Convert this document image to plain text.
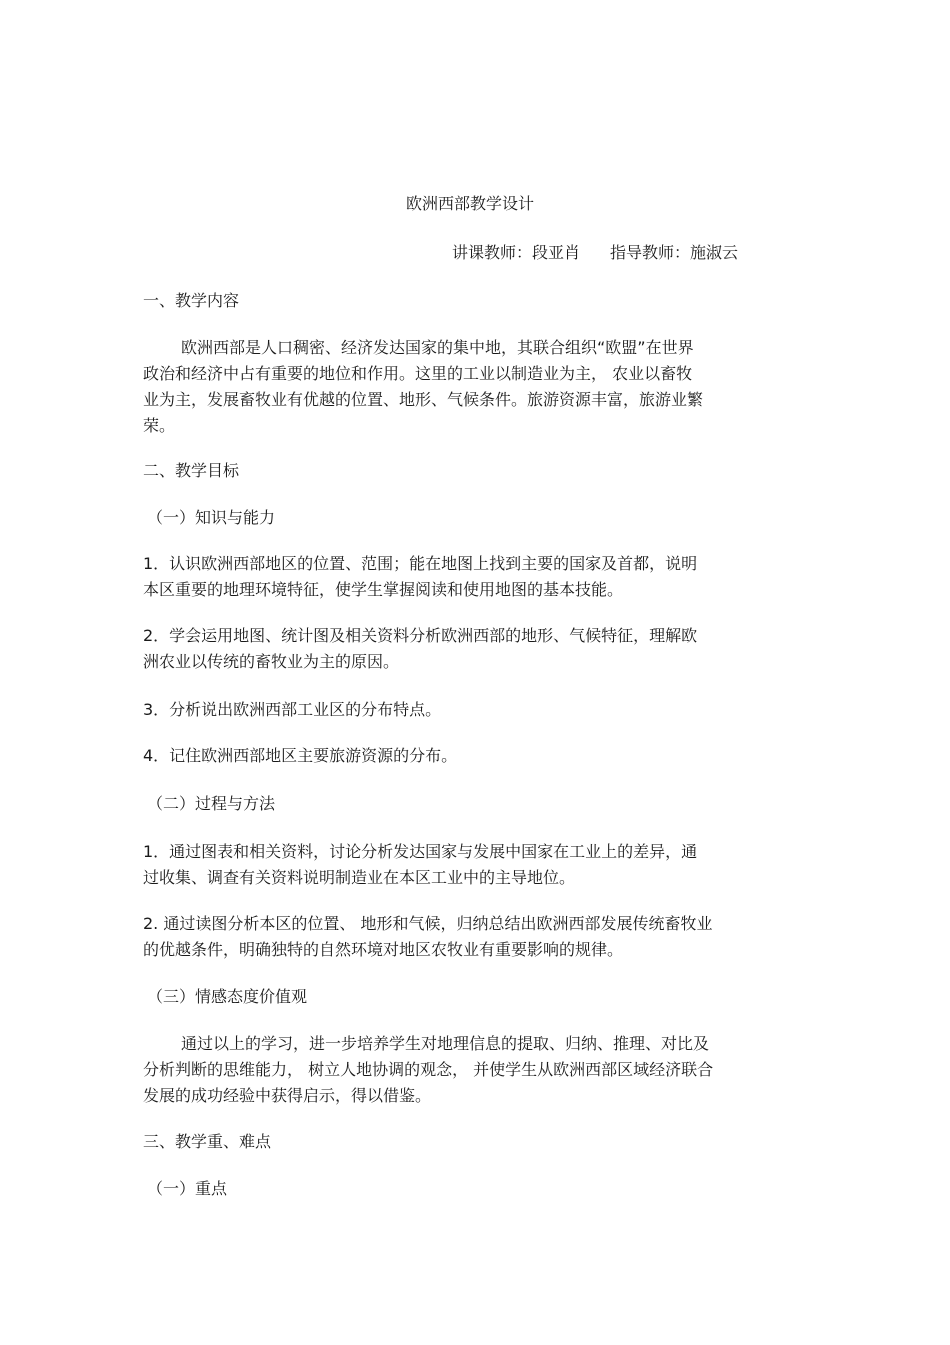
欧洲西部教学设计
讲课教师：段亚肖 指导教师：施淑云
一、教学内容
欧洲西部是人口稠密、经济发达国家的集中地，其联合组织“欧盟”在世界
政治和经济中占有重要的地位和作用。这里的工业以制造业为主， 农业以畜牧
业为主，发展畜牧业有优越的位置、地形、气候条件。旅游资源丰富，旅游业繁
荣。
二、教学目标
（一）知识与能力
1．认识欧洲西部地区的位置、范围；能在地图上找到主要的国家及首都，说明
本区重要的地理环境特征，使学生掌握阅读和使用地图的基本技能。
2．学会运用地图、统计图及相关资料分析欧洲西部的地形、气候特征，理解欧
洲农业以传统的畜牧业为主的原因。
3．分析说出欧洲西部工业区的分布特点。
4．记住欧洲西部地区主要旅游资源的分布。
（二）过程与方法
1．通过图表和相关资料，讨论分析发达国家与发展中国家在工业上的差异，通
过收集、调查有关资料说明制造业在本区工业中的主导地位。
2. 通过读图分析本区的位置、 地形和气候，归纳总结出欧洲西部发展传统畜牧业
的优越条件，明确独特的自然环境对地区农牧业有重要影响的规律。
（三）情感态度价值观
通过以上的学习，进一步培养学生对地理信息的提取、归纳、推理、对比及
分析判断的思维能力， 树立人地协调的观念， 并使学生从欧洲西部区域经济联合
发展的成功经验中获得启示，得以借鉴。
三、教学重、难点
（一）重点
